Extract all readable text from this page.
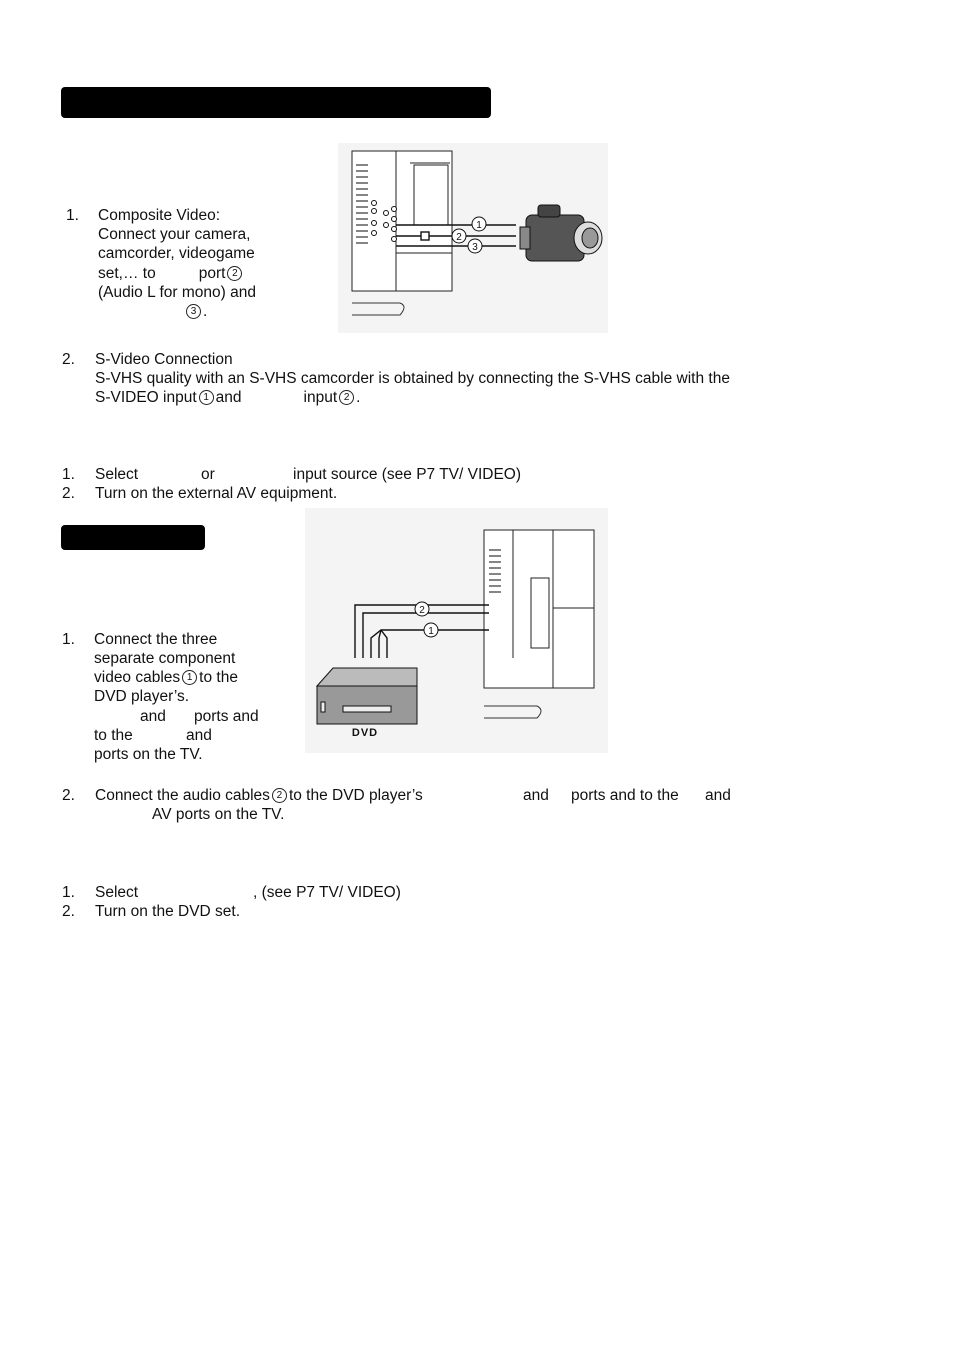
1. Composite Video:
Connect your camera,
camcorder, videogame
set,… to	port 2
(Audio L for mono) and
3 .
2. S-Video Connection
S-VHS quality with an S-VHS camcorder is obtained by connecting the S-VHS cable with the
S-VIDEO input 1 and	input 2 .
1. Select	or	input source (see P7 TV/ VIDEO)
2. Turn on the external AV equipment.
1. Connect the three
separate component
video cables 1 to the
DVD player’s.
and ports and
to the	and
ports on the TV.
2. Connect the audio cables 2 to the DVD player’s	and ports and to the and
AV ports on the TV.
1. Select	, (see P7 TV/ VIDEO)
2. Turn on the DVD set.
1
2
3
2
1
DVD
